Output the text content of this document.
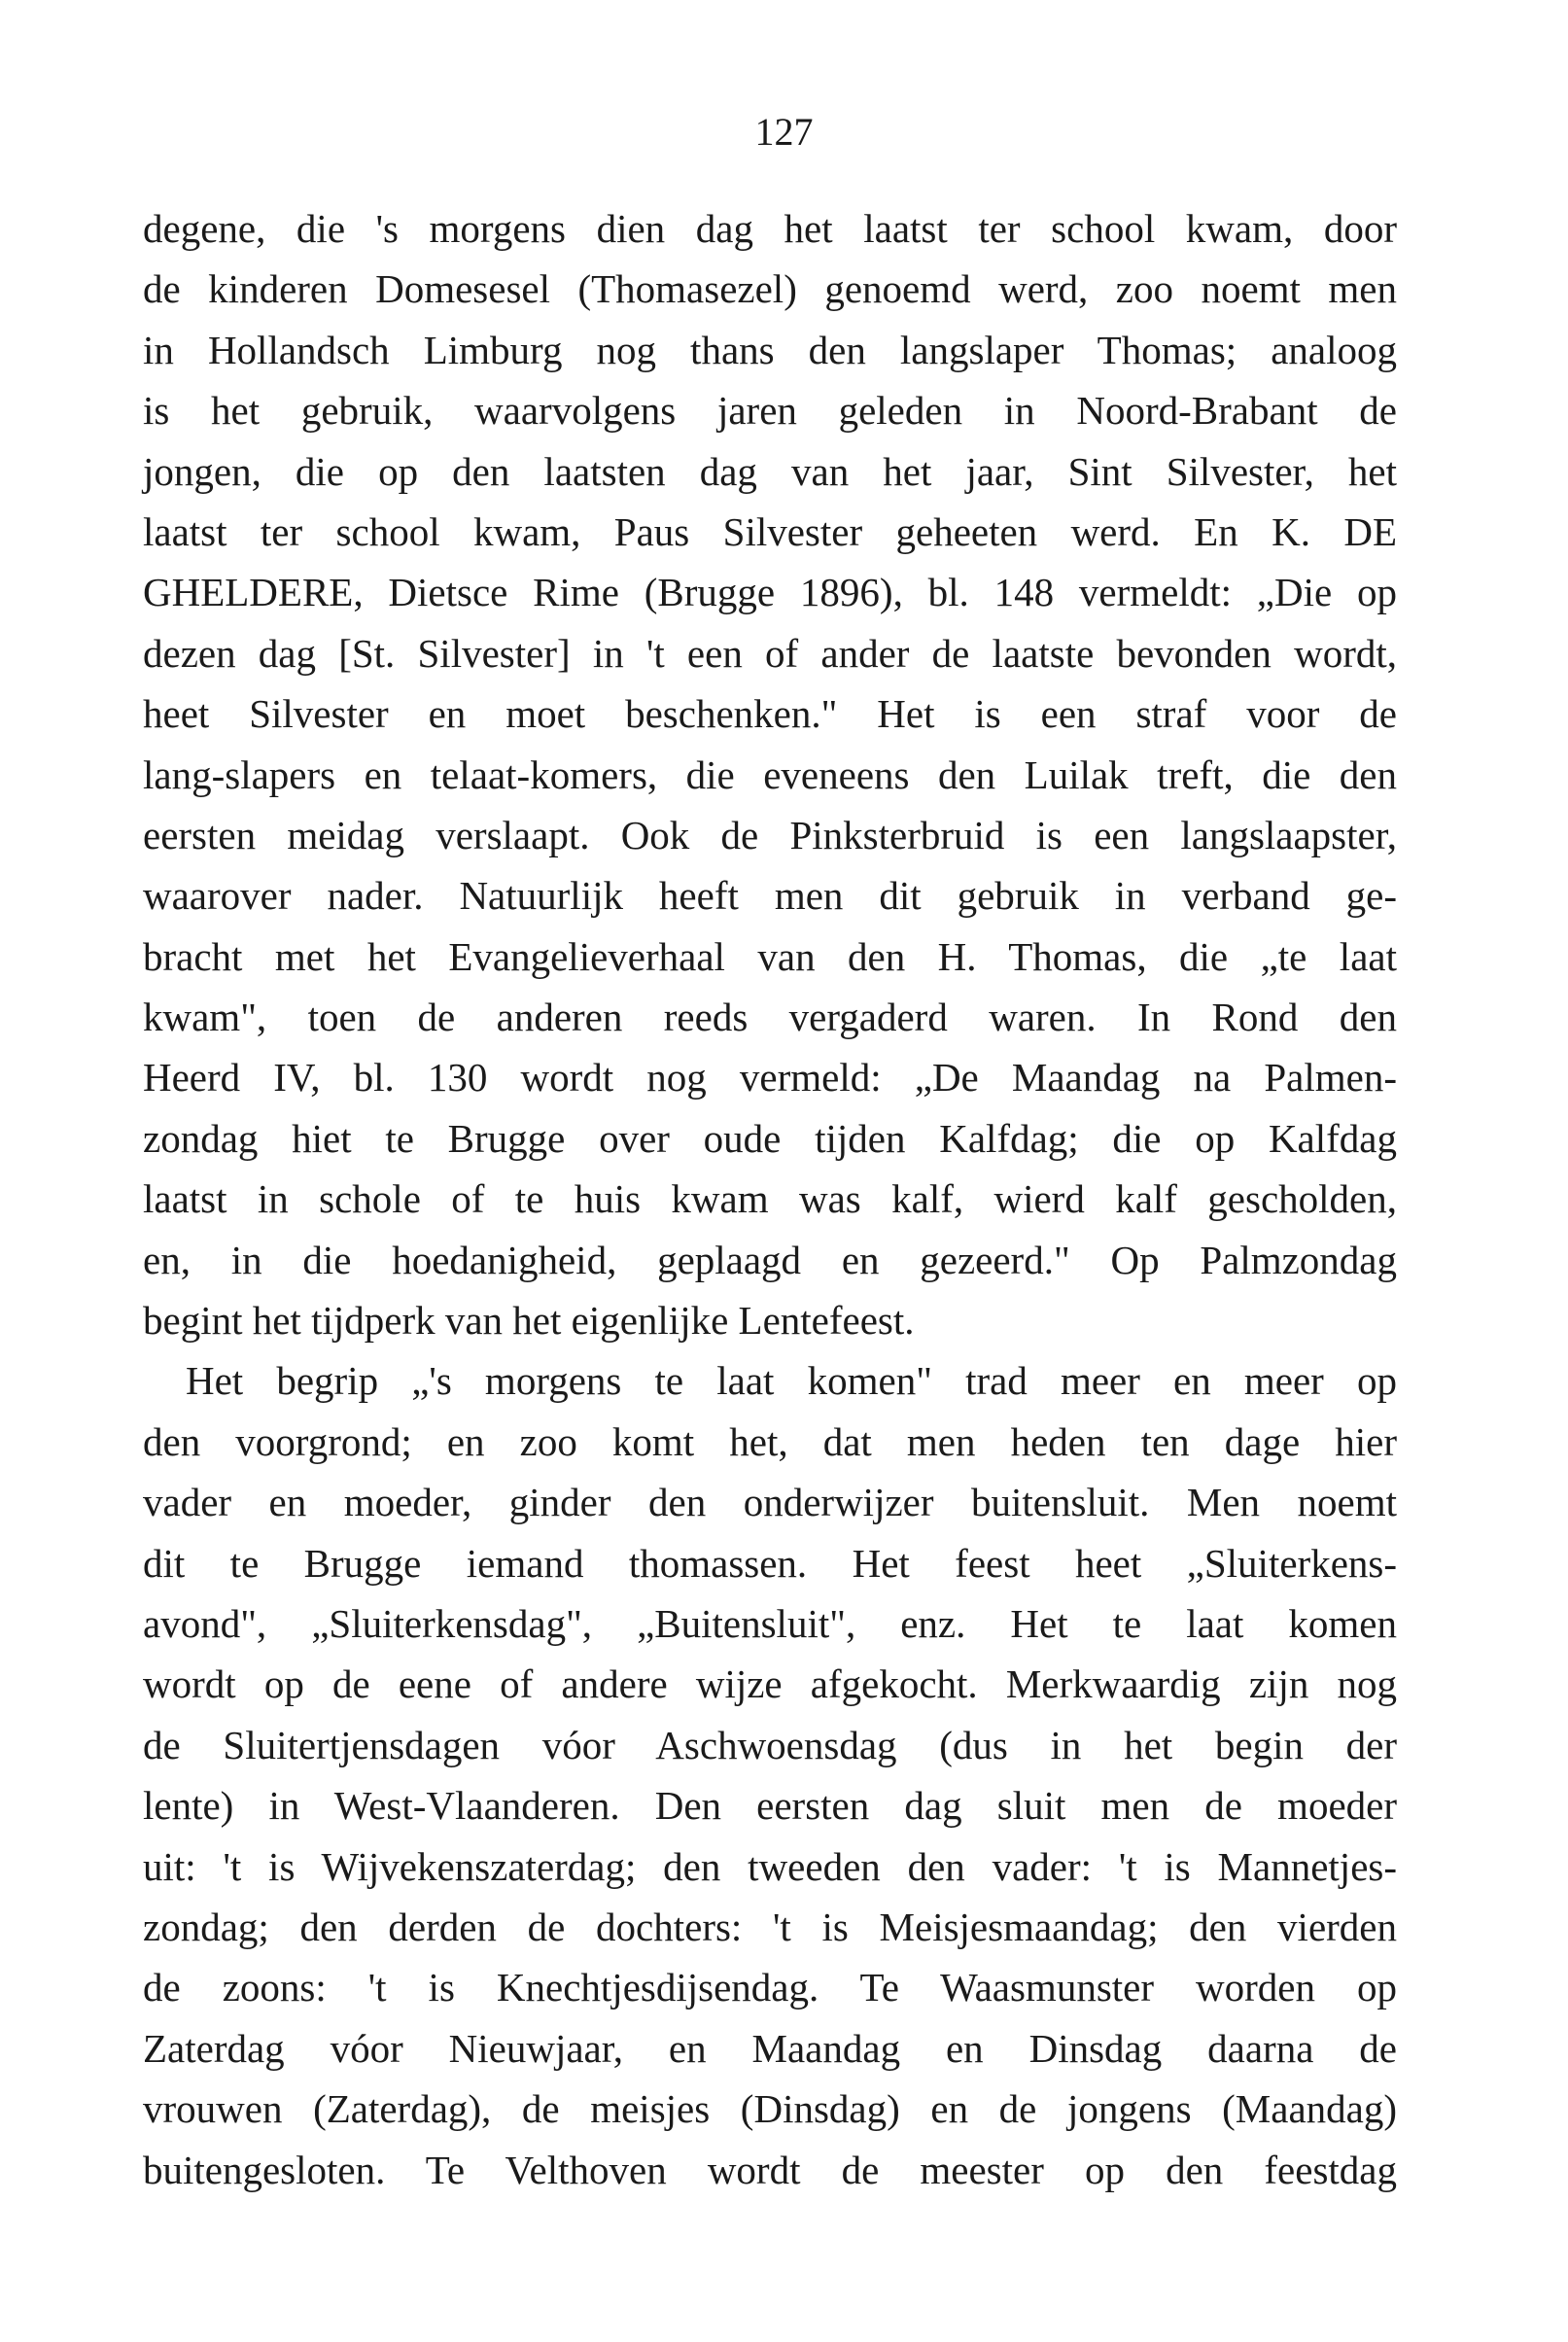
127
degene, die 's morgens dien dag het laatst ter school kwam, door
de kinderen Domesesel (Thomasezel) genoemd werd, zoo noemt men
in Hollandsch Limburg nog thans den langslaper Thomas; analoog
is het gebruik, waarvolgens jaren geleden in Noord-Brabant de
jongen, die op den laatsten dag van het jaar, Sint Silvester, het
laatst ter school kwam, Paus Silvester geheeten werd. En K. DE
GHELDERE, Dietsce Rime (Brugge 1896), bl. 148 vermeldt: „Die op
dezen dag [St. Silvester] in 't een of ander de laatste bevonden wordt,
heet Silvester en moet beschenken." Het is een straf voor de
lang-slapers en telaat-komers, die eveneens den Luilak treft, die den
eersten meidag verslaapt. Ook de Pinksterbruid is een langslaapster,
waarover nader. Natuurlijk heeft men dit gebruik in verband ge-
bracht met het Evangelieverhaal van den H. Thomas, die „te laat
kwam", toen de anderen reeds vergaderd waren. In Rond den
Heerd IV, bl. 130 wordt nog vermeld: „De Maandag na Palmen-
zondag hiet te Brugge over oude tijden Kalfdag; die op Kalfdag
laatst in schole of te huis kwam was kalf, wierd kalf gescholden,
en, in die hoedanigheid, geplaagd en gezeerd." Op Palmzondag
begint het tijdperk van het eigenlijke Lentefeest.
Het begrip „'s morgens te laat komen" trad meer en meer op
den voorgrond; en zoo komt het, dat men heden ten dage hier
vader en moeder, ginder den onderwijzer buitensluit. Men noemt
dit te Brugge iemand thomassen. Het feest heet „Sluiterkens-
avond", „Sluiterkensdag", „Buitensluit", enz. Het te laat komen
wordt op de eene of andere wijze afgekocht. Merkwaardig zijn nog
de Sluitertjensdagen vóor Aschwoensdag (dus in het begin der
lente) in West-Vlaanderen. Den eersten dag sluit men de moeder
uit: 't is Wijvekenszaterdag; den tweeden den vader: 't is Mannetjes-
zondag; den derden de dochters: 't is Meisjesmaandag; den vierden
de zoons: 't is Knechtjesdijsendag. Te Waasmunster worden op
Zaterdag vóor Nieuwjaar, en Maandag en Dinsdag daarna de
vrouwen (Zaterdag), de meisjes (Dinsdag) en de jongens (Maandag)
buitengesloten. Te Velthoven wordt de meester op den feestdag
